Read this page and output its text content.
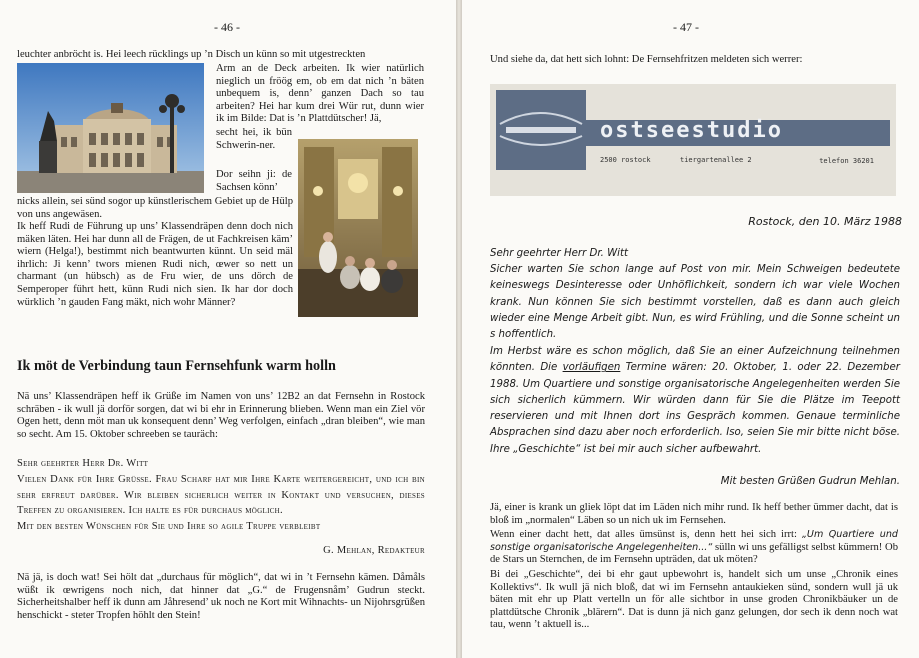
- 46 -

leuchter anbröcht is. Hei leech rücklings up ’n Disch un künn so mit utgestreckten

Arm an de Deck arbeiten. Ik wier natürlich nieglich un fröög em, ob em dat nich ’n bäten unbequem is, denn’ ganzen Dach so tau arbeiten? Hei har kum drei Wür rut, dunn wier ik im Bilde: Dat is ’n Plattdütscher! Jä,

secht hei, ik bün Schwerin-ner.

Dor seihn ji: de Sachsen könn’

nicks allein, sei sünd sogor up künstlerischem Gebiet up de Hülp von uns angewäsen.

Ik heff Rudi de Führung up uns’ Klassendräpen denn doch nich mäken läten. Hei har dunn all de Frägen, de ut Fachkreisen käm’ wiern (Helga!), bestimmt nich beantwurten künnt. Un seid mäl ihrlich: Ji kenn’ twors mienen Rudi nich, œwer so nett un charmant (un hübsch) as de Fru wier, de uns dörch de Semperoper führt hett, künn Rudi nich sien. Ik har dor doch würklich ’n gauden Fang mäkt, nich wohr Männer?

Ik möt de Verbindung taun Fernsehfunk warm holln

Nä uns’ Klassendräpen heff ik Grüße im Namen von uns’ 12B2 an dat Fernsehn in Rostock schräben - ik wull jä dorför sorgen, dat wi bi ehr in Erinnerung blieben. Wenn man ein Ziel vör Ogen hett, denn möt man uk konsequent denn’ Weg verfolgen, einfach „dran bleiben“, wie man so secht. Am 15. Oktober schreeben se tauräch:

Sehr geehrter Herr Dr. Witt
Vielen Dank für Ihre Grüße. Frau Scharf hat mir Ihre Karte weitergereicht, und ich bin sehr erfreut darüber. Wir bleiben sicherlich weiter in Kontakt und versuchen, dieses Treffen zu organisieren. Ich halte es für durchaus möglich.
Mit den besten Wünschen für Sie und Ihre so agile Truppe verbleibt

G. Mehlan, Redakteur

Nä jä, is doch wat! Sei hölt dat „durchaus für möglich“, dat wi in ’t Fernsehn kämen. Dåmåls wüßt ik œwrigens noch nich, dat hinner dat „G.“ de Frugensnåm’ Gudrun steckt. Sicherheitshalber heff ik dunn am Jåhresend’ uk noch ne Kort mit Wihnachts- un Nijohrsgrüßen henschickt - steter Tropfen höhlt den Stein!

- 47 -

Und siehe da, dat hett sich lohnt: De Fernsehfritzen meldeten sich werrer:

ostseestudio
2500 rostock	tiergartenallee 2	telefon 36201
Rostock, den 10. März 1988

Sehr geehrter Herr Dr. Witt

Sicher warten Sie schon lange auf Post von mir. Mein Schweigen bedeutete keineswegs Desinteresse oder Unhöflichkeit, sondern ich war viele Wochen krank. Nun können Sie sich bestimmt vorstellen, daß es dann auch gleich wieder eine Menge Arbeit gibt. Nun, es wird Frühling, und die Sonne scheint un s hoffentlich.

Im Herbst wäre es schon möglich, daß Sie an einer Aufzeichnung teilnehmen könnten. Die vorläufigen Termine wären: 20. Oktober, 1. oder 22. Dezember 1988. Um Quartiere und sonstige organisatorische Angelegenheiten werden Sie sich sicherlich kümmern. Wir würden dann für Sie die Plätze im Teepott reservieren und mit Ihnen dort ins Gespräch kommen. Genaue terminliche Absprachen sind dazu aber noch erforderlich. Iso, seien Sie mir bitte nicht böse. Ihre „Geschichte“ ist bei mir auch sicher aufbewahrt.

Mit besten Grüßen Gudrun Mehlan.

Jä, einer is krank un gliek löpt dat im Läden nich mihr rund. Ik heff bether ümmer dacht, dat is bloß im „normalen“ Läben so un nich uk im Fernsehen.

Wenn einer dacht hett, dat alles ümsünst is, denn hett hei sich irrt: „Um Quartiere und sonstige organisatorische Angelegenheiten...“ sülln wi uns gefälligst selbst kümmern! Ob de Stars un Sternchen, de im Fernsehn upträden, dat uk möten?

Bi dei „Geschichte“, dei bi ehr gaut upbewohrt is, handelt sich um unse „Chronik eines Kollektivs“. Ik wull jä nich bloß, dat wi im Fernsehn antaukieken sünd, sondern wull jä uk bäten mit ehr up Platt vertelln un för alle sichtbor in unse groden Chronikbäuker un de plattdütsche Chronik „blärern“. Dat is dunn jä nich ganz gelungen, dor sech ik denn noch wat tau, wenn ’t aktuell is...
